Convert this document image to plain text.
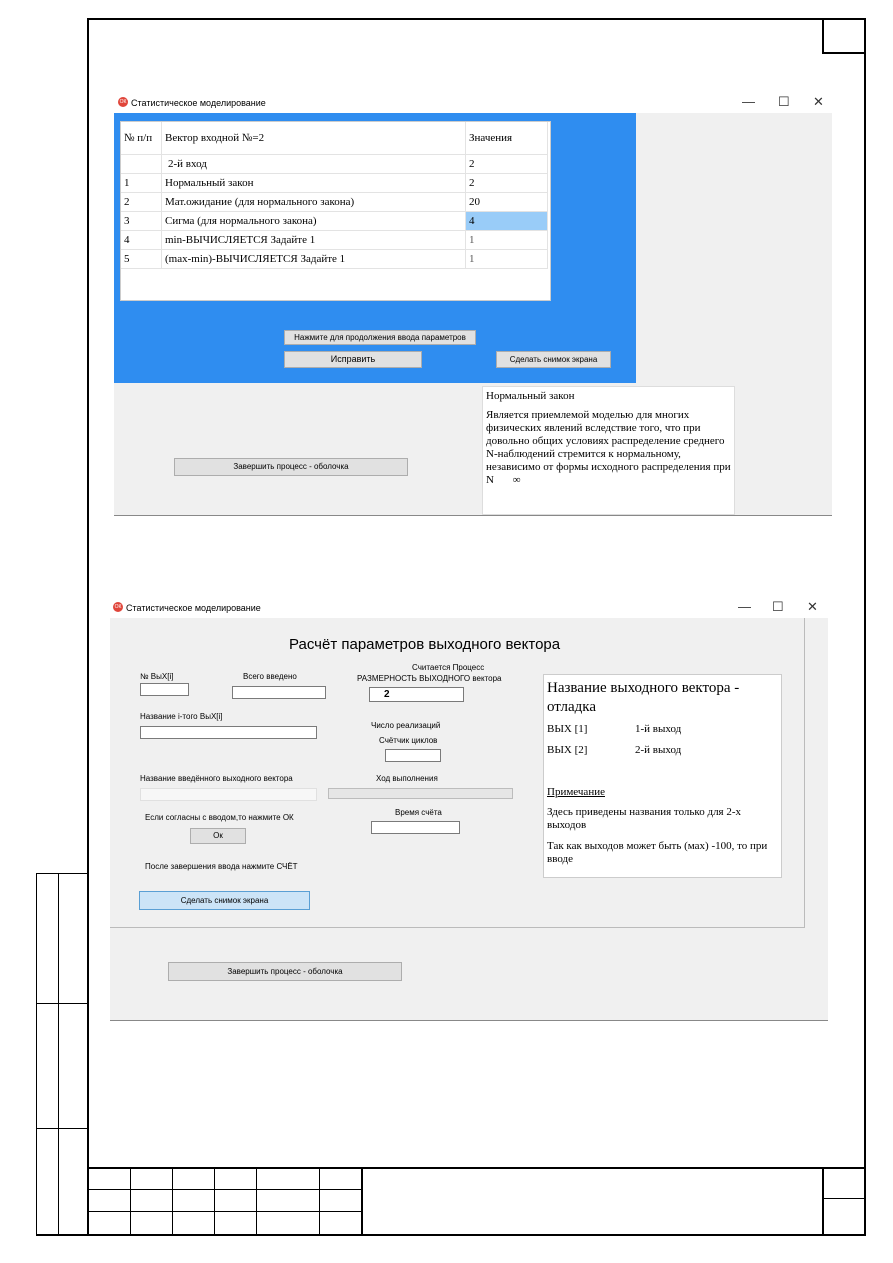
ОК Статистическое моделирование	— ☐ ✕
№ п/п	Вектор входной №=2	Значения
	2-й вход	2
1	Нормальный закон	2
2	Мат.ожидание (для нормального закона)	20
3	Сигма (для нормального закона)	4
4	min-ВЫЧИСЛЯЕТСЯ Задайте 1	1
5	(max-min)-ВЫЧИСЛЯЕТСЯ Задайте 1	1
Нажмите для продолжения ввода параметров
Исправить	Сделать снимок экрана
Завершить процесс - оболочка
Нормальный закон
Является приемлемой моделью для многих физических явлений вследствие того, что при довольно общих условиях распределение среднего N-наблюдений стремится к нормальному, независимо от формы исходного распределения при N ∞
ОК Статистическое моделирование	— ☐ ✕
Расчёт параметров выходного вектора
№ ВыХ[i]	Всего введено
Считается Процесс
РАЗМЕРНОСТЬ ВЫХОДНОГО вектора
2
Название i-того ВыХ[i]
Число реализаций
Счётчик циклов
Название введённого выходного вектора	Ход выполнения
Если согласны с вводом,то нажмите ОК
Ок
Время счёта
После завершения ввода нажмите СЧЁТ
Сделать снимок экрана
Завершить процесс - оболочка
Название выходного вектора - отладка
ВЫХ [1]	1-й выход
ВЫХ [2]	2-й выход
Примечание
Здесь приведены названия только для 2-х выходов
Так как выходов может быть (мах) -100, то при вводе
